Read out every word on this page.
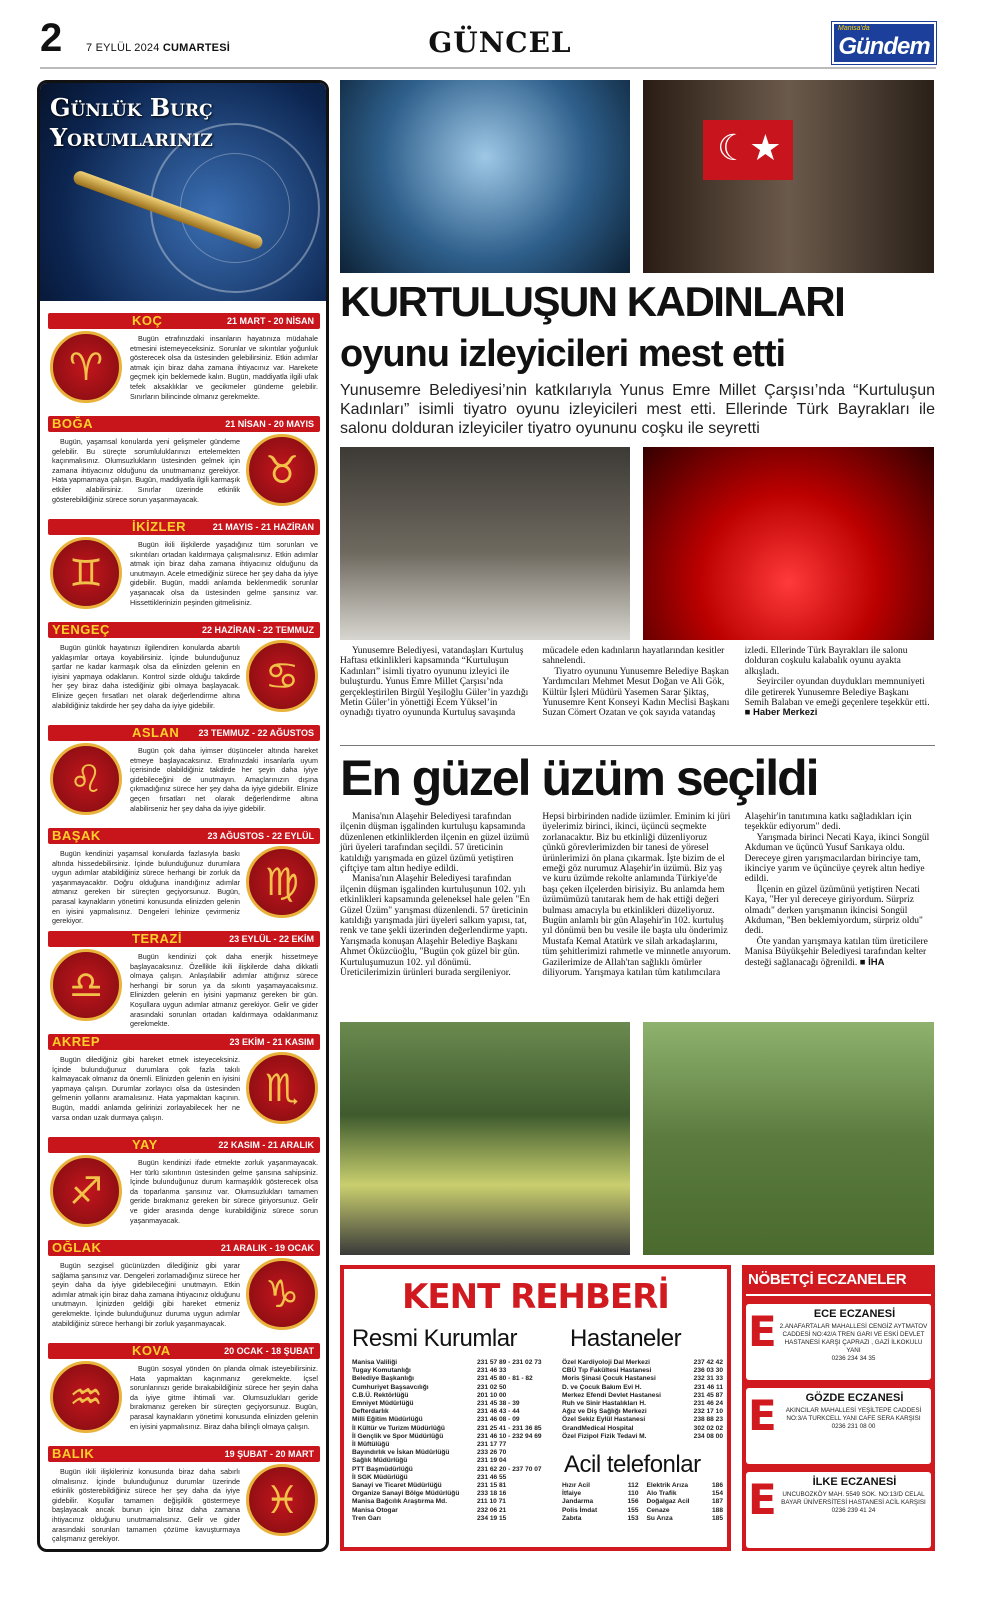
2 7 EYLÜL 2024 CUMARTESİ	GÜNCEL	Manisa'da
Gündem
Günlük Burç
Yorumlarınız
KOÇ	21 MART - 20 NİSAN
♈
Bugün etrafınızdaki insanların hayatınıza müdahale etmesini istemeyeceksiniz. Sorunlar ve sıkıntılar yoğunluk gösterecek olsa da üstesinden gelebilirsiniz. Etkin adımlar atmak için biraz daha zamana ihtiyacınız var. Harekete geçmek için beklemede kalın. Bugün, maddiyatla ilgili ufak tefek aksaklıklar ve gecikmeler gündeme gelebilir. Sınırların bilincinde olmanız gerekmekte.
BOĞA	21 NİSAN - 20 MAYIS
♉
Bugün, yaşamsal konularda yeni gelişmeler gündeme gelebilir. Bu süreçte sorumluluklarınızı ertelemekten kaçınmalısınız. Olumsuzlukların üstesinden gelmek için zamana ihtiyacınız olduğunu da unutmamanız gerekiyor. Hata yapmamaya çalışın. Bugün, maddiyatla ilgili karmaşık etkiler alabilirsiniz. Sınırlar üzerinde etkinlik gösterebildiğiniz sürece sorun yaşanmayacak.
İKİZLER	21 MAYIS - 21 HAZİRAN
♊
Bugün ikili ilişkilerde yaşadığınız tüm sorunları ve sıkıntıları ortadan kaldırmaya çalışmalısınız. Etkin adımlar atmak için biraz daha zamana ihtiyacınız olduğunu da unutmayın. Acele etmediğiniz sürece her şey daha da iyiye gidebilir. Bugün, maddi anlamda beklenmedik sorunlar yaşanacak olsa da üstesinden gelme şansınız var. Hissettiklerinizin peşinden gitmelisiniz.
YENGEÇ	22 HAZİRAN - 22 TEMMUZ
♋
Bugün günlük hayatınızı ilgilendiren konularda abartılı yaklaşımlar ortaya koyabilirsiniz. İçinde bulunduğunuz şartlar ne kadar karmaşık olsa da elinizden gelenin en iyisini yapmaya odaklanın. Kontrol sizde olduğu takdirde her şey biraz daha istediğiniz gibi olmaya başlayacak. Elinize geçen fırsatları net olarak değerlendirme altına alabildiğiniz takdirde her şey daha da iyiye gidebilir.
ASLAN 23 TEMMUZ - 22 AĞUSTOS
♌
Bugün çok daha iyimser düşünceler altında hareket etmeye başlayacaksınız. Etrafınızdaki insanlarla uyum içerisinde olabildiğiniz takdirde her şeyin daha iyiye gidebileceğini de unutmayın. Amaçlarınızın dışına çıkmadığınız sürece her şey daha da iyiye gidebilir. Elinize geçen fırsatları net olarak değerlendirme altına alabilirseniz her şey daha da iyiye gidebilir.
BAŞAK	23 AĞUSTOS - 22 EYLÜL
♍
Bugün kendinizi yaşamsal konularda fazlasıyla baskı altında hissedebilirsiniz. İçinde bulunduğunuz durumlara uygun adımlar atabildiğiniz sürece herhangi bir zorluk da yaşanmayacaktır. Doğru olduğuna inandığınız adımlar atmanız gereken bir süreçten geçiyorsunuz. Bugün, parasal kaynakların yönetimi konusunda elinizden gelenin en iyisini yapmalısınız. Dengeleri lehinize çevirmeniz gerekiyor.
TERAZİ	23 EYLÜL - 22 EKİM
♎
Bugün kendinizi çok daha enerjik hissetmeye başlayacaksınız. Özellikle ikili ilişkilerde daha dikkatli olmaya çalışın. Anlaşılabilir adımlar attığınız sürece herhangi bir sorun ya da sıkıntı yaşamayacaksınız. Elinizden gelenin en iyisini yapmanız gereken bir gün. Koşullara uygun adımlar atmanız gerekiyor. Gelir ve gider arasındaki sorunları ortadan kaldırmaya odaklanmanız gerekmekte.
AKREP	23 EKİM - 21 KASIM
♏
Bugün dilediğiniz gibi hareket etmek isteyeceksiniz. İçinde bulunduğunuz durumlara çok fazla takılı kalmayacak olmanız da önemli. Elinizden gelenin en iyisini yapmaya çalışın. Durumlar zorlayıcı olsa da üstesinden gelmenin yollarını aramalısınız. Hata yapmaktan kaçının. Bugün, maddi anlamda gelirinizi zorlayabilecek her ne varsa ondan uzak durmaya çalışın.
YAY	22 KASIM - 21 ARALIK
♐
Bugün kendinizi ifade etmekte zorluk yaşanmayacak. Her türlü sıkıntının üstesinden gelme şansına sahipsiniz. İçinde bulunduğunuz durum karmaşıklık gösterecek olsa da toparlanma şansınız var. Olumsuzlukları tamamen geride bırakmanız gereken bir sürece giriyorsunuz. Gelir ve gider arasında denge kurabildiğiniz sürece sorun yaşanmayacak.
OĞLAK	21 ARALIK - 19 OCAK
♑
Bugün sezgisel gücünüzden dilediğiniz gibi yarar sağlama şansınız var. Dengeleri zorlamadığınız sürece her şeyin daha da iyiye gidebileceğini unutmayın. Etkin adımlar atmak için biraz daha zamana ihtiyacınız olduğunu unutmayın. İçinizden geldiği gibi hareket etmeniz gerekmekte. İçinde bulunduğunuz duruma uygun adımlar atabildiğiniz sürece herhangi bir zorluk yaşanmayacak.
KOVA	20 OCAK - 18 ŞUBAT
♒
Bugün sosyal yönden ön planda olmak isteyebilirsiniz. Hata yapmaktan kaçınmanız gerekmekte. İçsel sorunlarınızı geride bırakabildiğiniz sürece her şeyin daha da iyiye gitme ihtimali var. Olumsuzlukları geride bırakmanız gereken bir süreçten geçiyorsunuz. Bugün, parasal kaynakların yönetimi konusunda elinizden gelenin en iyisini yapmalısınız. Biraz daha bilinçli olmaya çalışın.
BALIK	19 ŞUBAT - 20 MART
♓
Bugün ikili ilişkileriniz konusunda biraz daha sabırlı olmalısınız. İçinde bulunduğunuz durumlar üzerinde etkinlik gösterebildiğiniz sürece her şey daha da iyiye gidebilir. Koşullar tamamen değişiklik göstermeye başlayacak ancak bunun için biraz daha zamana ihtiyacınız olduğunu unutmamalısınız. Gelir ve gider arasındaki sorunları tamamen çözüme kavuşturmaya çalışmanız gerekiyor.
☾★
KURTULUŞUN KADINLARI
oyunu izleyicileri mest etti
Yunusemre Belediyesi’nin katkılarıyla Yunus Emre Millet Çarşısı’nda “Kurtuluşun Kadınları” isimli tiyatro oyunu izleyicileri mest etti. Ellerinde Türk Bayrakları ile salonu dolduran izleyiciler tiyatro oyununu coşku ile seyretti

Yunusemre Belediyesi, vatandaşları Kurtuluş Haftası etkinlikleri kapsamında “Kurtuluşun Kadınları” isimli tiyatro oyununu izleyici ile buluşturdu. Yunus Emre Millet Çarşısı’nda gerçekleştirilen Birgül Yeşiloğlu Güler’in yazdığı Metin Güler’in yönettiği Ecem Yüksel’in oynadığı tiyatro oyununda Kurtuluş savaşında mücadele eden kadınların hayatlarından kesitler sahnelendi.

Tiyatro oyununu Yunusemre Belediye Başkan Yardımcıları Mehmet Mesut Doğan ve Ali Gök, Kültür İşleri Müdürü Yasemen Sarar Şiktaş, Yunusemre Kent Konseyi Kadın Meclisi Başkanı Suzan Cömert Ozatan ve çok sayıda vatandaş izledi. Ellerinde Türk Bayrakları ile salonu dolduran coşkulu kalabalık oyunu ayakta alkışladı.

Seyirciler oyundan duydukları memnuniyeti dile getirerek Yunusemre Belediye Başkanı Semih Balaban ve emeği geçenlere teşekkür etti. ■ Haber Merkezi

En güzel üzüm seçildi

Manisa'nın Alaşehir Belediyesi tarafından ilçenin düşman işgalinden kurtuluşu kapsamında düzenlenen etkinliklerden ilçenin en güzel üzümü jüri üyeleri tarafından seçildi. 57 üreticinin katıldığı yarışmada en güzel üzümü yetiştiren çiftçiye tam altın hediye edildi.

Manisa'nın Alaşehir Belediyesi tarafından ilçenin düşman işgalinden kurtuluşunun 102. yılı etkinlikleri kapsamında geleneksel hale gelen "En Güzel Üzüm" yarışması düzenlendi. 57 üreticinin katıldığı yarışmada jüri üyeleri salkım yapısı, tat, renk ve tane şekli üzerinden değerlendirme yaptı. Yarışmada konuşan Alaşehir Belediye Başkanı Ahmet Öküzcüoğlu, "Bugün çok güzel bir gün. Kurtuluşumuzun 102. yıl dönümü. Üreticilerimizin ürünleri burada sergileniyor. Hepsi birbirinden nadide üzümler. Eminim ki jüri üyelerimiz birinci, ikinci, üçüncü seçmekte zorlanacaktır. Biz bu etkinliği düzenliyoruz çünkü görevlerimizden bir tanesi de yöresel ürünlerimizi ön plana çıkarmak. İşte bizim de el emeği göz nurumuz Alaşehir'in üzümü. Biz yaş ve kuru üzümde rekolte anlamında Türkiye'de başı çeken ilçelerden birisiyiz. Bu anlamda hem üzümümüzü tanıtarak hem de hak ettiği değeri bulması amacıyla bu etkinlikleri düzeliyoruz. Bugün anlamlı bir gün Alaşehir'in 102. kurtuluş yıl dönümü ben bu vesile ile başta ulu önderimiz Mustafa Kemal Atatürk ve silah arkadaşlarını, tüm şehitlerimizi rahmetle ve minnetle anıyorum. Gazilerimize de Allah'tan sağlıklı ömürler diliyorum. Yarışmaya katılan tüm katılımcılara Alaşehir'in tanıtımına katkı sağladıkları için teşekkür ediyorum" dedi.

Yarışmada birinci Necati Kaya, ikinci Songül Akduman ve üçüncü Yusuf Sarıkaya oldu. Dereceye giren yarışmacılardan birinciye tam, ikinciye yarım ve üçüncüye çeyrek altın hediye edildi.

İlçenin en güzel üzümünü yetiştiren Necati Kaya, "Her yıl dereceye giriyordum. Sürpriz olmadı" derken yarışmanın ikincisi Songül Akduman, "Ben beklemiyordum, sürpriz oldu" dedi.

Öte yandan yarışmaya katılan tüm üreticilere Manisa Büyükşehir Belediyesi tarafından kelter desteği sağlanacağı öğrenildi. ■ İHA

KENT REHBERİ
Resmi Kurumlar Hastaneler
Acil telefonlar
Manisa Valiliği	231 57 89 - 231 02 73
Tugay Komutanlığı	231 46 33
Belediye Başkanlığı	231 45 80 - 81 - 82
Cumhuriyet Başsavcılığı	231 02 50
C.B.Ü. Rektörlüğü	201 10 00
Emniyet Müdürlüğü	231 45 38 - 39
Defterdarlık	231 46 43 - 44
Milli Eğitim Müdürlüğü	231 46 08 - 09
İl Kültür ve Turizm Müdürlüğü	231 25 41 - 231 36 85
İl Gençlik ve Spor Müdürlüğü	231 46 10 - 232 94 69
İl Müftülüğü	231 17 77
Bayındırlık ve İskan Müdürlüğü	233 26 70
Sağlık Müdürlüğü	231 19 04
PTT Başmüdürlüğü	231 62 20 - 237 70 07
İl SGK Müdürlüğü	231 46 55
Sanayi ve Ticaret Müdürlüğü	231 15 81
Organize Sanayi Bölge Müdürlüğü	233 18 16
Manisa Bağcılık Araştırma Md.	211 10 71
Manisa Otogar	232 06 21
Tren Garı	234 19 15
Özel Kardiyoloji Dal Merkezi	237 42 42
CBÜ Tıp Fakültesi Hastanesi	236 03 30
Moris Şinasi Çocuk Hastanesi	232 31 33
D. ve Çocuk Bakım Evi H.	231 46 11
Merkez Efendi Devlet Hastanesi	231 45 87
Ruh ve Sinir Hastalıkları H.	231 46 24
Ağız ve Diş Sağlığı Merkezi	232 17 10
Özel Sekiz Eylül Hastanesi	238 88 23
GrandMedical Hospital	302 02 02
Özel Fizipol Fizik Tedavi M.	234 08 00
Hızır Acil	112 Elektrik Arıza	186
İtfaiye	110 Alo Trafik	154
Jandarma	156 Doğalgaz Acil	187
Polis İmdat	155 Cenaze	188
Zabıta	153 Su Arıza	185
NÖBETÇİ ECZANELER
E	ECE ECZANESİ
2.ANAFARTALAR MAHALLESİ CENGİZ AYTMATOV CADDESİ NO:42/A TREN GARI VE ESKİ DEVLET HASTANESİ KARŞI ÇAPRAZI , GAZİ İLKOKULU YANI
0236 234 34 35
E	GÖZDE ECZANESİ
AKINCILAR MAHALLESİ YEŞİLTEPE CADDESİ NO:3/A TURKCELL YANI CAFE SERA KARŞISI
0236 231 08 00
E	İLKE ECZANESİ
UNCUBOZKÖY MAH. 5549 SOK. NO:13/D CELAL BAYAR ÜNİVERSİTESİ HASTANESİ ACİL KARŞISI
0236 239 41 24
